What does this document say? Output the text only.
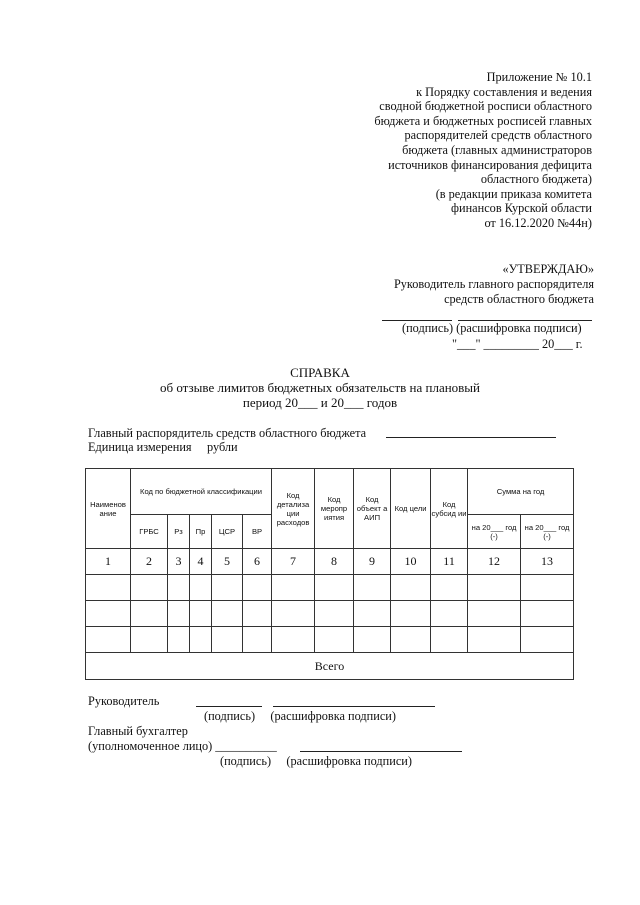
Приложение № 10.1
к Порядку составления и ведения
сводной бюджетной росписи областного
бюджета и бюджетных росписей главных
распорядителей средств областного
бюджета (главных администраторов
источников финансирования дефицита
областного бюджета)
(в редакции приказа комитета
финансов Курской области
от 16.12.2020 №44н)
«УТВЕРЖДАЮ»
Руководитель главного распорядителя
средств областного бюджета
(подпись) (расшифровка подписи)
"___" _________ 20___ г.
СПРАВКА
об отзыве лимитов бюджетных обязательств на плановый
период 20___ и 20___ годов
Главный распорядитель средств областного бюджета
Единица измерения рубли
Наименов ание	Код по бюджетной классификации					Код детализа ции расходов	Код меропр иятия	Код объект а АИП	Код цели	Код субсид ии	Сумма на год	
	ГРБС	Рз	Пр	ЦСР	ВР						на 20___ год (-)	на 20___ год (-)
1	2	3	4	5	6	7	8	9	10	11	12	13

Всего												
Руководитель
(подпись)     (расшифровка подписи)
Главный бухгалтер
(уполномоченное лицо) __________
(подпись)     (расшифровка подписи)
